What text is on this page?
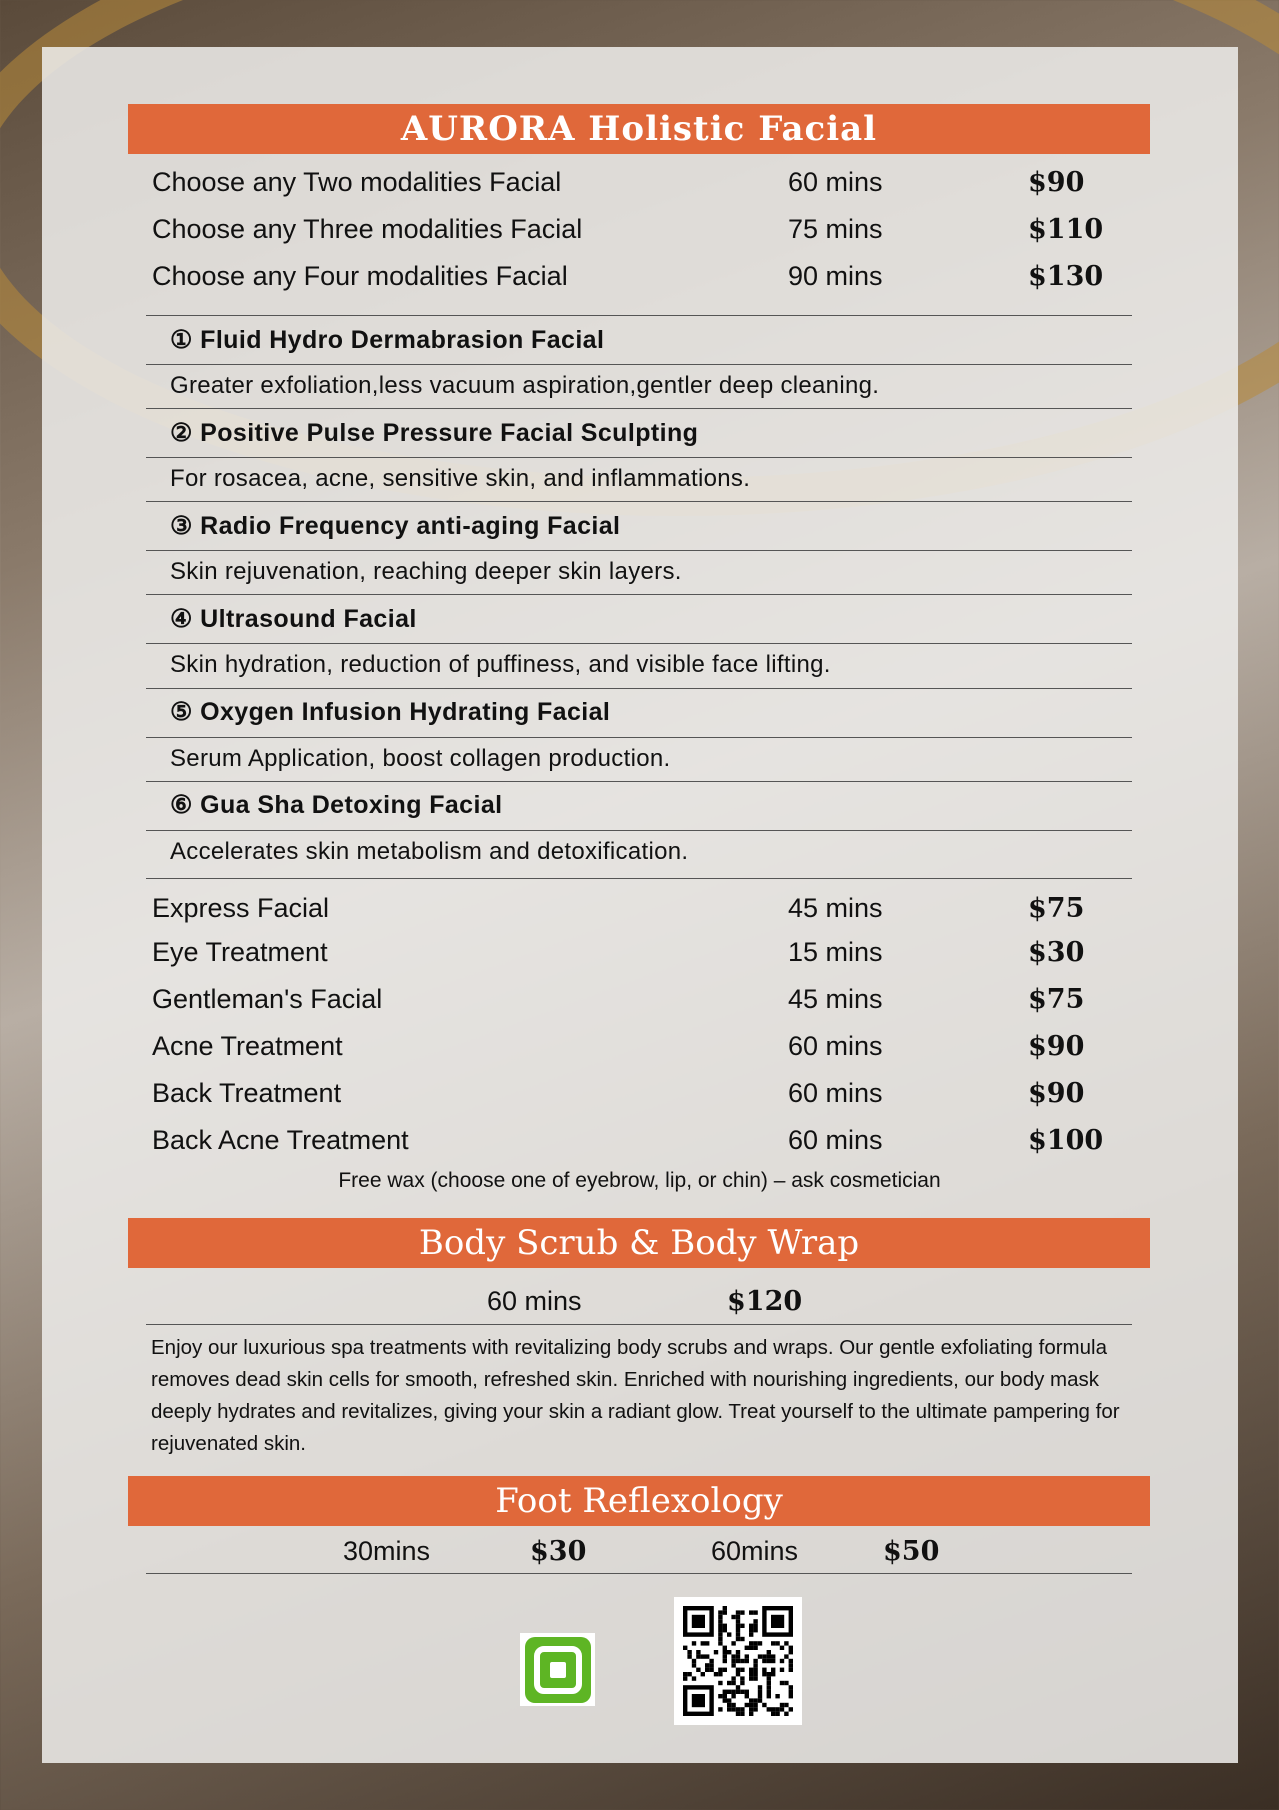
AURORA Holistic Facial
Choose any Two modalities Facial	60 mins	$90
Choose any Three modalities Facial	75 mins	$110
Choose any Four modalities Facial	90 mins	$130
① Fluid Hydro Dermabrasion Facial
Greater exfoliation,less vacuum aspiration,gentler deep cleaning.
② Positive Pulse Pressure Facial Sculpting
For rosacea, acne, sensitive skin, and inflammations.
③ Radio Frequency anti-aging Facial
Skin rejuvenation, reaching deeper skin layers.
④ Ultrasound Facial
Skin hydration, reduction of puffiness, and visible face lifting.
⑤ Oxygen Infusion Hydrating Facial
Serum Application, boost collagen production.
⑥ Gua Sha Detoxing Facial
Accelerates skin metabolism and detoxification.
Express Facial	45 mins	$75
Eye Treatment	15 mins	$30
Gentleman's Facial	45 mins	$75
Acne Treatment	60 mins	$90
Back Treatment	60 mins	$90
Back Acne Treatment	60 mins	$100
Free wax (choose one of eyebrow, lip, or chin) – ask cosmetician
Body Scrub & Body Wrap
60 mins	$120
Enjoy our luxurious spa treatments with revitalizing body scrubs and wraps. Our gentle exfoliating formula removes dead skin cells for smooth, refreshed skin. Enriched with nourishing ingredients, our body mask deeply hydrates and revitalizes, giving your skin a radiant glow. Treat yourself to the ultimate pampering for rejuvenated skin.
Foot Reflexology
30mins	$30	60mins	$50
